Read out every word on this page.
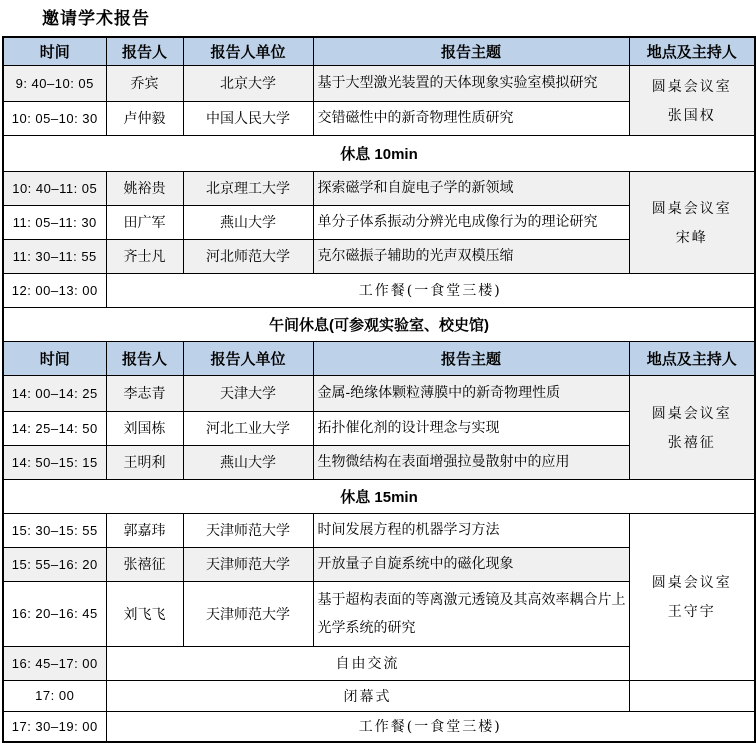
邀请学术报告
时间	报告人	报告人单位	报告主题	地点及主持人
9: 40–10: 05	乔宾	北京大学	基于大型激光装置的天体现象实验室模拟研究	圆桌会议室
张国权

10: 05–10: 30	卢仲毅	中国人民大学	交错磁性中的新奇物理性质研究	
休息 10min				
10: 40–11: 05	姚裕贵	北京理工大学	探索磁学和自旋电子学的新领域	圆桌会议室
宋峰

11: 05–11: 30	田广军	燕山大学	单分子体系振动分辨光电成像行为的理论研究	
11: 30–11: 55	齐士凡	河北师范大学	克尔磁振子辅助的光声双模压缩	
12: 00–13: 00	工作餐(一食堂三楼)			
午间休息(可参观实验室、校史馆)				
时间	报告人	报告人单位	报告主题	地点及主持人
14: 00–14: 25	李志青	天津大学	金属-绝缘体颗粒薄膜中的新奇物理性质	圆桌会议室
张禧征

14: 25–14: 50	刘国栋	河北工业大学	拓扑催化剂的设计理念与实现	
14: 50–15: 15	王明利	燕山大学	生物微结构在表面增强拉曼散射中的应用	
休息 15min				
15: 30–15: 55	郭嘉玮	天津师范大学	时间发展方程的机器学习方法	圆桌会议室
王守宇

15: 55–16: 20	张禧征	天津师范大学	开放量子自旋系统中的磁化现象	
16: 20–16: 45	刘飞飞	天津师范大学	基于超构表面的等离激元透镜及其高效率耦合片上光学系统的研究	
16: 45–17: 00	自由交流			
17: 00	闭幕式			
17: 30–19: 00	工作餐(一食堂三楼)			
